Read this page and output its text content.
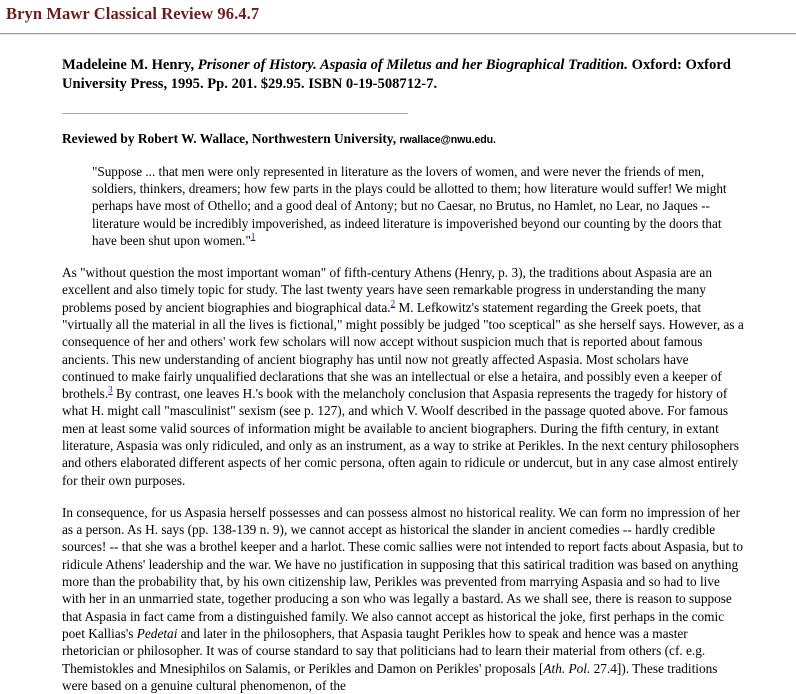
Bryn Mawr Classical Review 96.4.7

Madeleine M. Henry, Prisoner of History. Aspasia of Miletus and her Biographical Tradition. Oxford: Oxford University Press, 1995. Pp. 201. $29.95. ISBN 0-19-508712-7.

Reviewed by Robert W. Wallace, Northwestern University, rwallace@nwu.edu.

"Suppose ... that men were only represented in literature as the lovers of women, and were never the friends of men, soldiers, thinkers, dreamers; how few parts in the plays could be allotted to them; how literature would suffer! We might perhaps have most of Othello; and a good deal of Antony; but no Caesar, no Brutus, no Hamlet, no Lear, no Jaques -- literature would be incredibly impoverished, as indeed literature is impoverished beyond our counting by the doors that have been shut upon women."$^1$

As "without question the most important woman" of fifth-century Athens (Henry, p. 3), the traditions about Aspasia are an excellent and also timely topic for study. The last twenty years have seen remarkable progress in understanding the many problems posed by ancient biographies and biographical data.$^2$ M. Lefkowitz's statement regarding the Greek poets, that "virtually all the material in all the lives is fictional," might possibly be judged "too sceptical" as she herself says. However, as a consequence of her and others' work few scholars will now accept without suspicion much that is reported about famous ancients. This new understanding of ancient biography has until now not greatly affected Aspasia. Most scholars have continued to make fairly unqualified declarations that she was an intellectual or else a hetaira, and possibly even a keeper of brothels.$^3$ By contrast, one leaves H.'s book with the melancholy conclusion that Aspasia represents the tragedy for history of what H. might call "masculinist" sexism (see p. 127), and which V. Woolf described in the passage quoted above. For famous men at least some valid sources of information might be available to ancient biographers. During the fifth century, in extant literature, Aspasia was only ridiculed, and only as an instrument, as a way to strike at Perikles. In the next century philosophers and others elaborated different aspects of her comic persona, often again to ridicule or undercut, but in any case almost entirely for their own purposes.

In consequence, for us Aspasia herself possesses and can possess almost no historical reality. We can form no impression of her as a person. As H. says (pp. 138-139 n. 9), we cannot accept as historical the slander in ancient comedies -- hardly credible sources! -- that she was a brothel keeper and a harlot. These comic sallies were not intended to report facts about Aspasia, but to ridicule Athens' leadership and the war. We have no justification in supposing that this satirical tradition was based on anything more than the probability that, by his own citizenship law, Perikles was prevented from marrying Aspasia and so had to live with her in an unmarried state, together producing a son who was legally a bastard. As we shall see, there is reason to suppose that Aspasia in fact came from a distinguished family. We also cannot accept as historical the joke, first perhaps in the comic poet Kallias's Pedetai and later in the philosophers, that Aspasia taught Perikles how to speak and hence was a master rhetorician or philosopher. It was of course standard to say that politicians had to learn their material from others (cf. e.g. Themistokles and Mnesiphilos on Salamis, or Perikles and Damon on Perikles' proposals [Ath. Pol. 27.4]). These traditions were based on a genuine cultural phenomenon, of the
